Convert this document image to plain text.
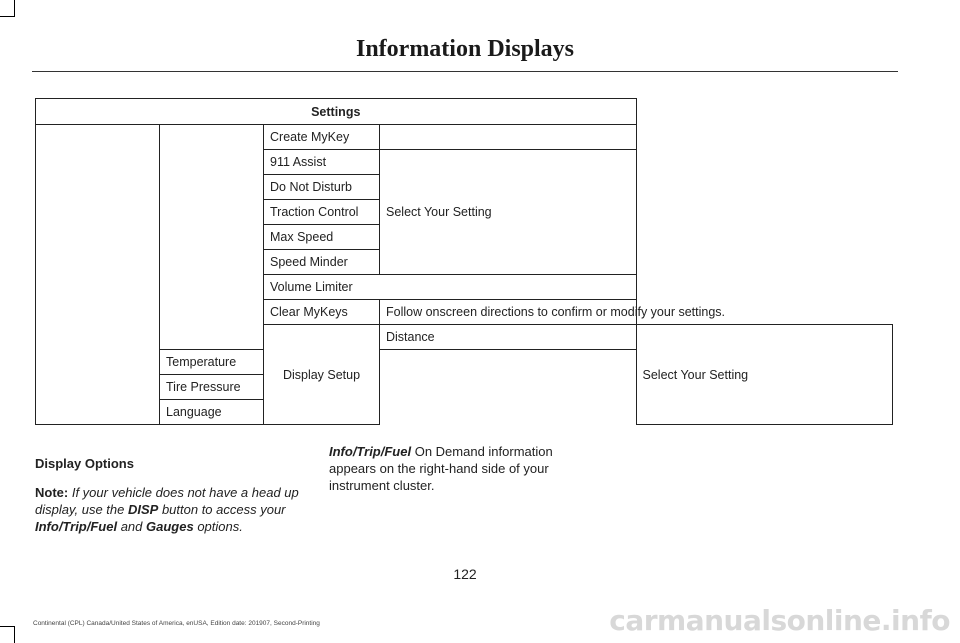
Information Displays
Settings				
		Create MyKey		
		911 Assist	Select Your Setting	
		Do Not Disturb		
		Traction Control		
		Max Speed		
		Speed Minder		
		Volume Limiter		
		Clear MyKeys	Follow onscreen directions to confirm or modify your settings.	
		Display Setup	Distance	Select Your Setting
	Temperature			
	Tire Pressure			
	Language			

Display Options

Note: If your vehicle does not have a head up display, use the DISP button to access your Info/Trip/Fuel and Gauges options.

Info/Trip/Fuel On Demand information appears on the right-hand side of your instrument cluster.

122
Continental (CPL) Canada/United States of America, enUSA, Edition date: 201907, Second-Printing	carmanualsonline.info
